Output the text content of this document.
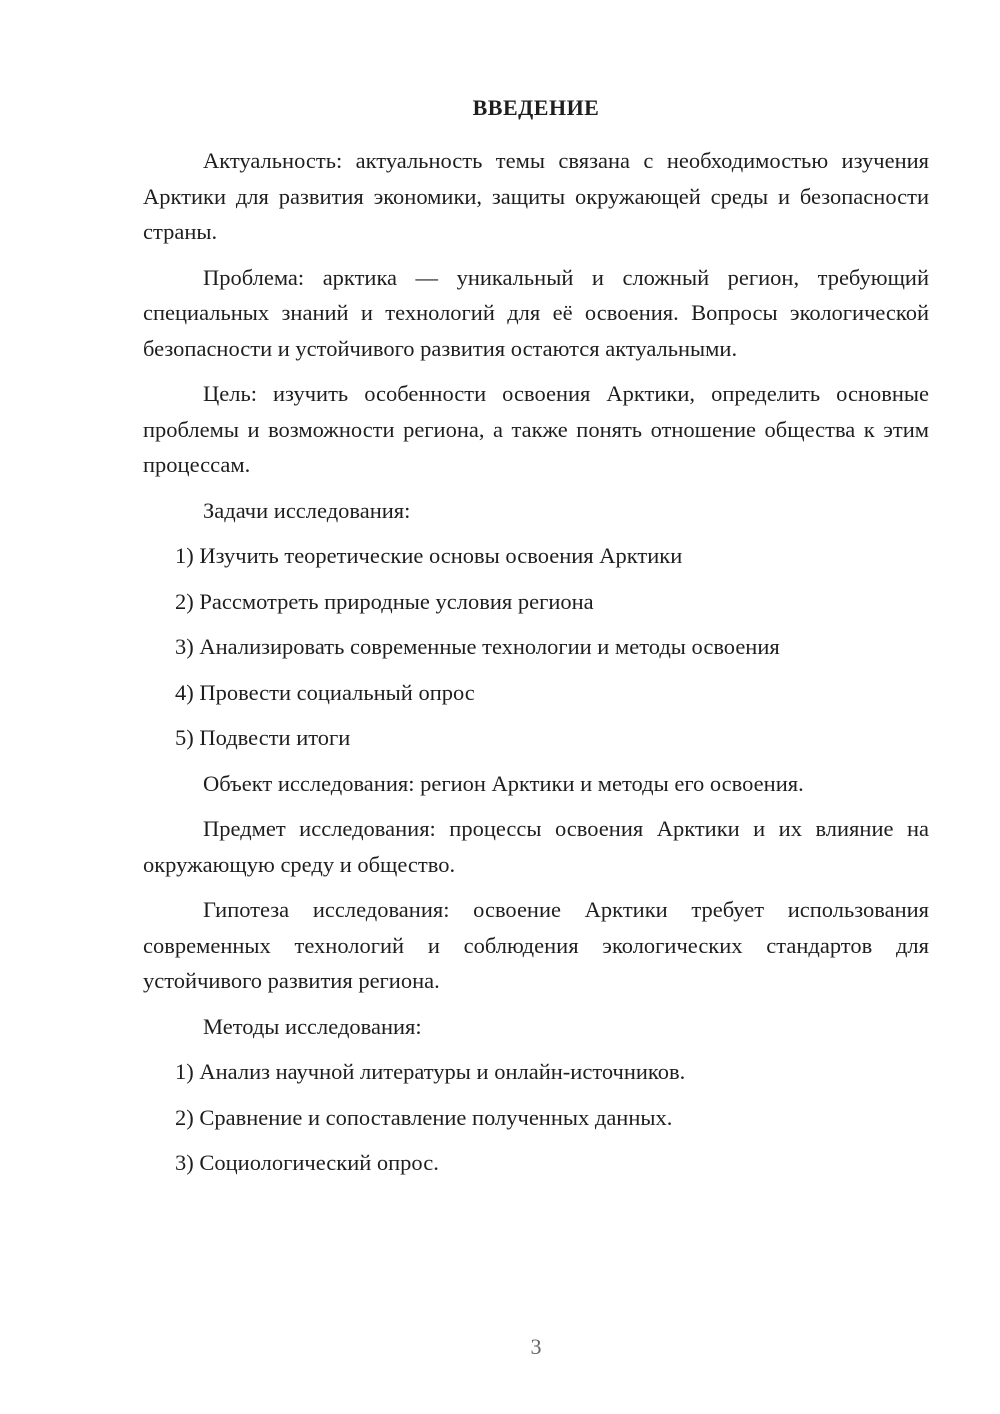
ВВЕДЕНИЕ

Актуальность: актуальность темы связана с необходимостью изучения Арктики для развития экономики, защиты окружающей среды и безопасности страны.

Проблема: арктика — уникальный и сложный регион, требующий специальных знаний и технологий для её освоения. Вопросы экологической безопасности и устойчивого развития остаются актуальными.

Цель: изучить особенности освоения Арктики, определить основные проблемы и возможности региона, а также понять отношение общества к этим процессам.

Задачи исследования:

1) Изучить теоретические основы освоения Арктики

2) Рассмотреть природные условия региона

3) Анализировать современные технологии и методы освоения

4) Провести социальный опрос

5) Подвести итоги

Объект исследования: регион Арктики и методы его освоения.

Предмет исследования: процессы освоения Арктики и их влияние на окружающую среду и общество.

Гипотеза исследования: освоение Арктики требует использования современных технологий и соблюдения экологических стандартов для устойчивого развития региона.

Методы исследования:

1) Анализ научной литературы и онлайн-источников.

2) Сравнение и сопоставление полученных данных.

3) Социологический опрос.

3
